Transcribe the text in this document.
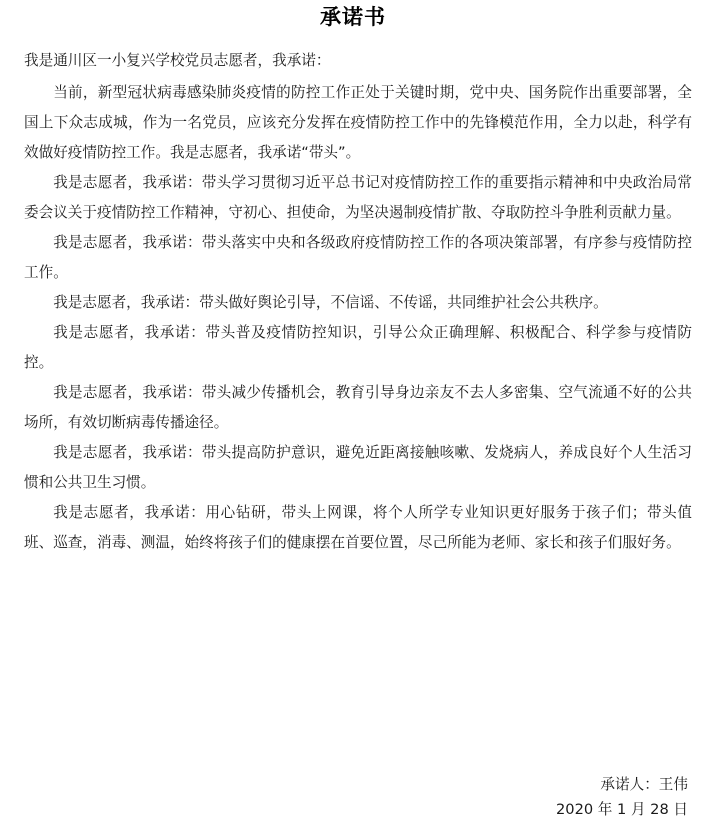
承诺书

我是通川区一小复兴学校党员志愿者，我承诺：

当前，新型冠状病毒感染肺炎疫情的防控工作正处于关键时期，党中央、国务院作出重要部署，全国上下众志成城，作为一名党员，应该充分发挥在疫情防控工作中的先锋模范作用，全力以赴，科学有效做好疫情防控工作。我是志愿者，我承诺“带头”。

我是志愿者，我承诺：带头学习贯彻习近平总书记对疫情防控工作的重要指示精神和中央政治局常委会议关于疫情防控工作精神，守初心、担使命，为坚决遏制疫情扩散、夺取防控斗争胜利贡献力量。

我是志愿者，我承诺：带头落实中央和各级政府疫情防控工作的各项决策部署，有序参与疫情防控工作。

我是志愿者，我承诺：带头做好舆论引导，不信谣、不传谣，共同维护社会公共秩序。

我是志愿者，我承诺：带头普及疫情防控知识，引导公众正确理解、积极配合、科学参与疫情防控。

我是志愿者，我承诺：带头减少传播机会，教育引导身边亲友不去人多密集、空气流通不好的公共场所，有效切断病毒传播途径。

我是志愿者，我承诺：带头提高防护意识，避免近距离接触咳嗽、发烧病人，养成良好个人生活习惯和公共卫生习惯。

我是志愿者，我承诺：用心钻研，带头上网课，将个人所学专业知识更好服务于孩子们；带头值班、巡查，消毒、测温，始终将孩子们的健康摆在首要位置，尽己所能为老师、家长和孩子们服好务。

承诺人：王伟
2020 年 1 月 28 日
